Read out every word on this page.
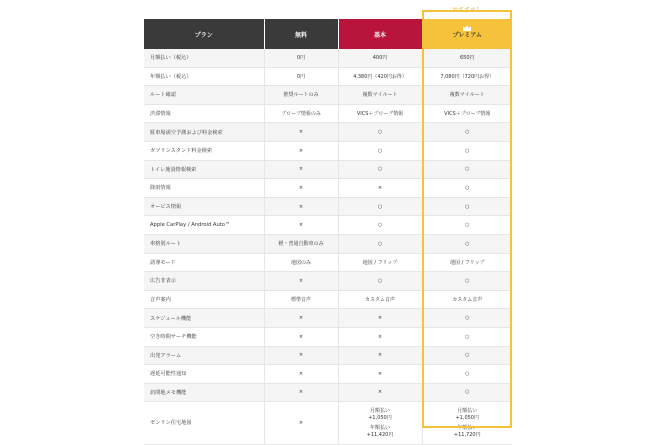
おすすめ！
プラン	無料	基本	プレミアム
月額払い（税込）	0円	400円	650円
年額払い（税込）	0円	4,380円（420円お得）	7,080円（720円お得）
ルート確認	推奨ルートのみ	複数マイルート	複数マイルート
渋滞情報	プローブ情報のみ	VICS＋プローブ情報	VICS＋プローブ情報
駐車場満空予測および料金検索	×	○	○
ガソリンスタンド料金検索	×	○	○
トイレ施設情報検索	×	○	○
降雨情報	×	×	○
オービス情報	×	○	○
Apple CarPlay / Android Auto™	×	○	○
車格別ルート	軽・普通自動車のみ	○	○
誘導モード	地図のみ	地図 / フリップ	地図 / フリップ
広告非表示	×	○	○
音声案内	標準音声	カスタム音声	カスタム音声
スケジュール機能	×	×	○
空き時間サーチ機能	×	×	○
出発アラーム	×	×	○
遅延可能性通知	×	×	○
訪問地メモ機能	×	×	○
ゼンリン住宅地図	×	月額払い
+1,050円
年額払い
+11,420円	月額払い
+1,050円
年額払い
+11,720円
